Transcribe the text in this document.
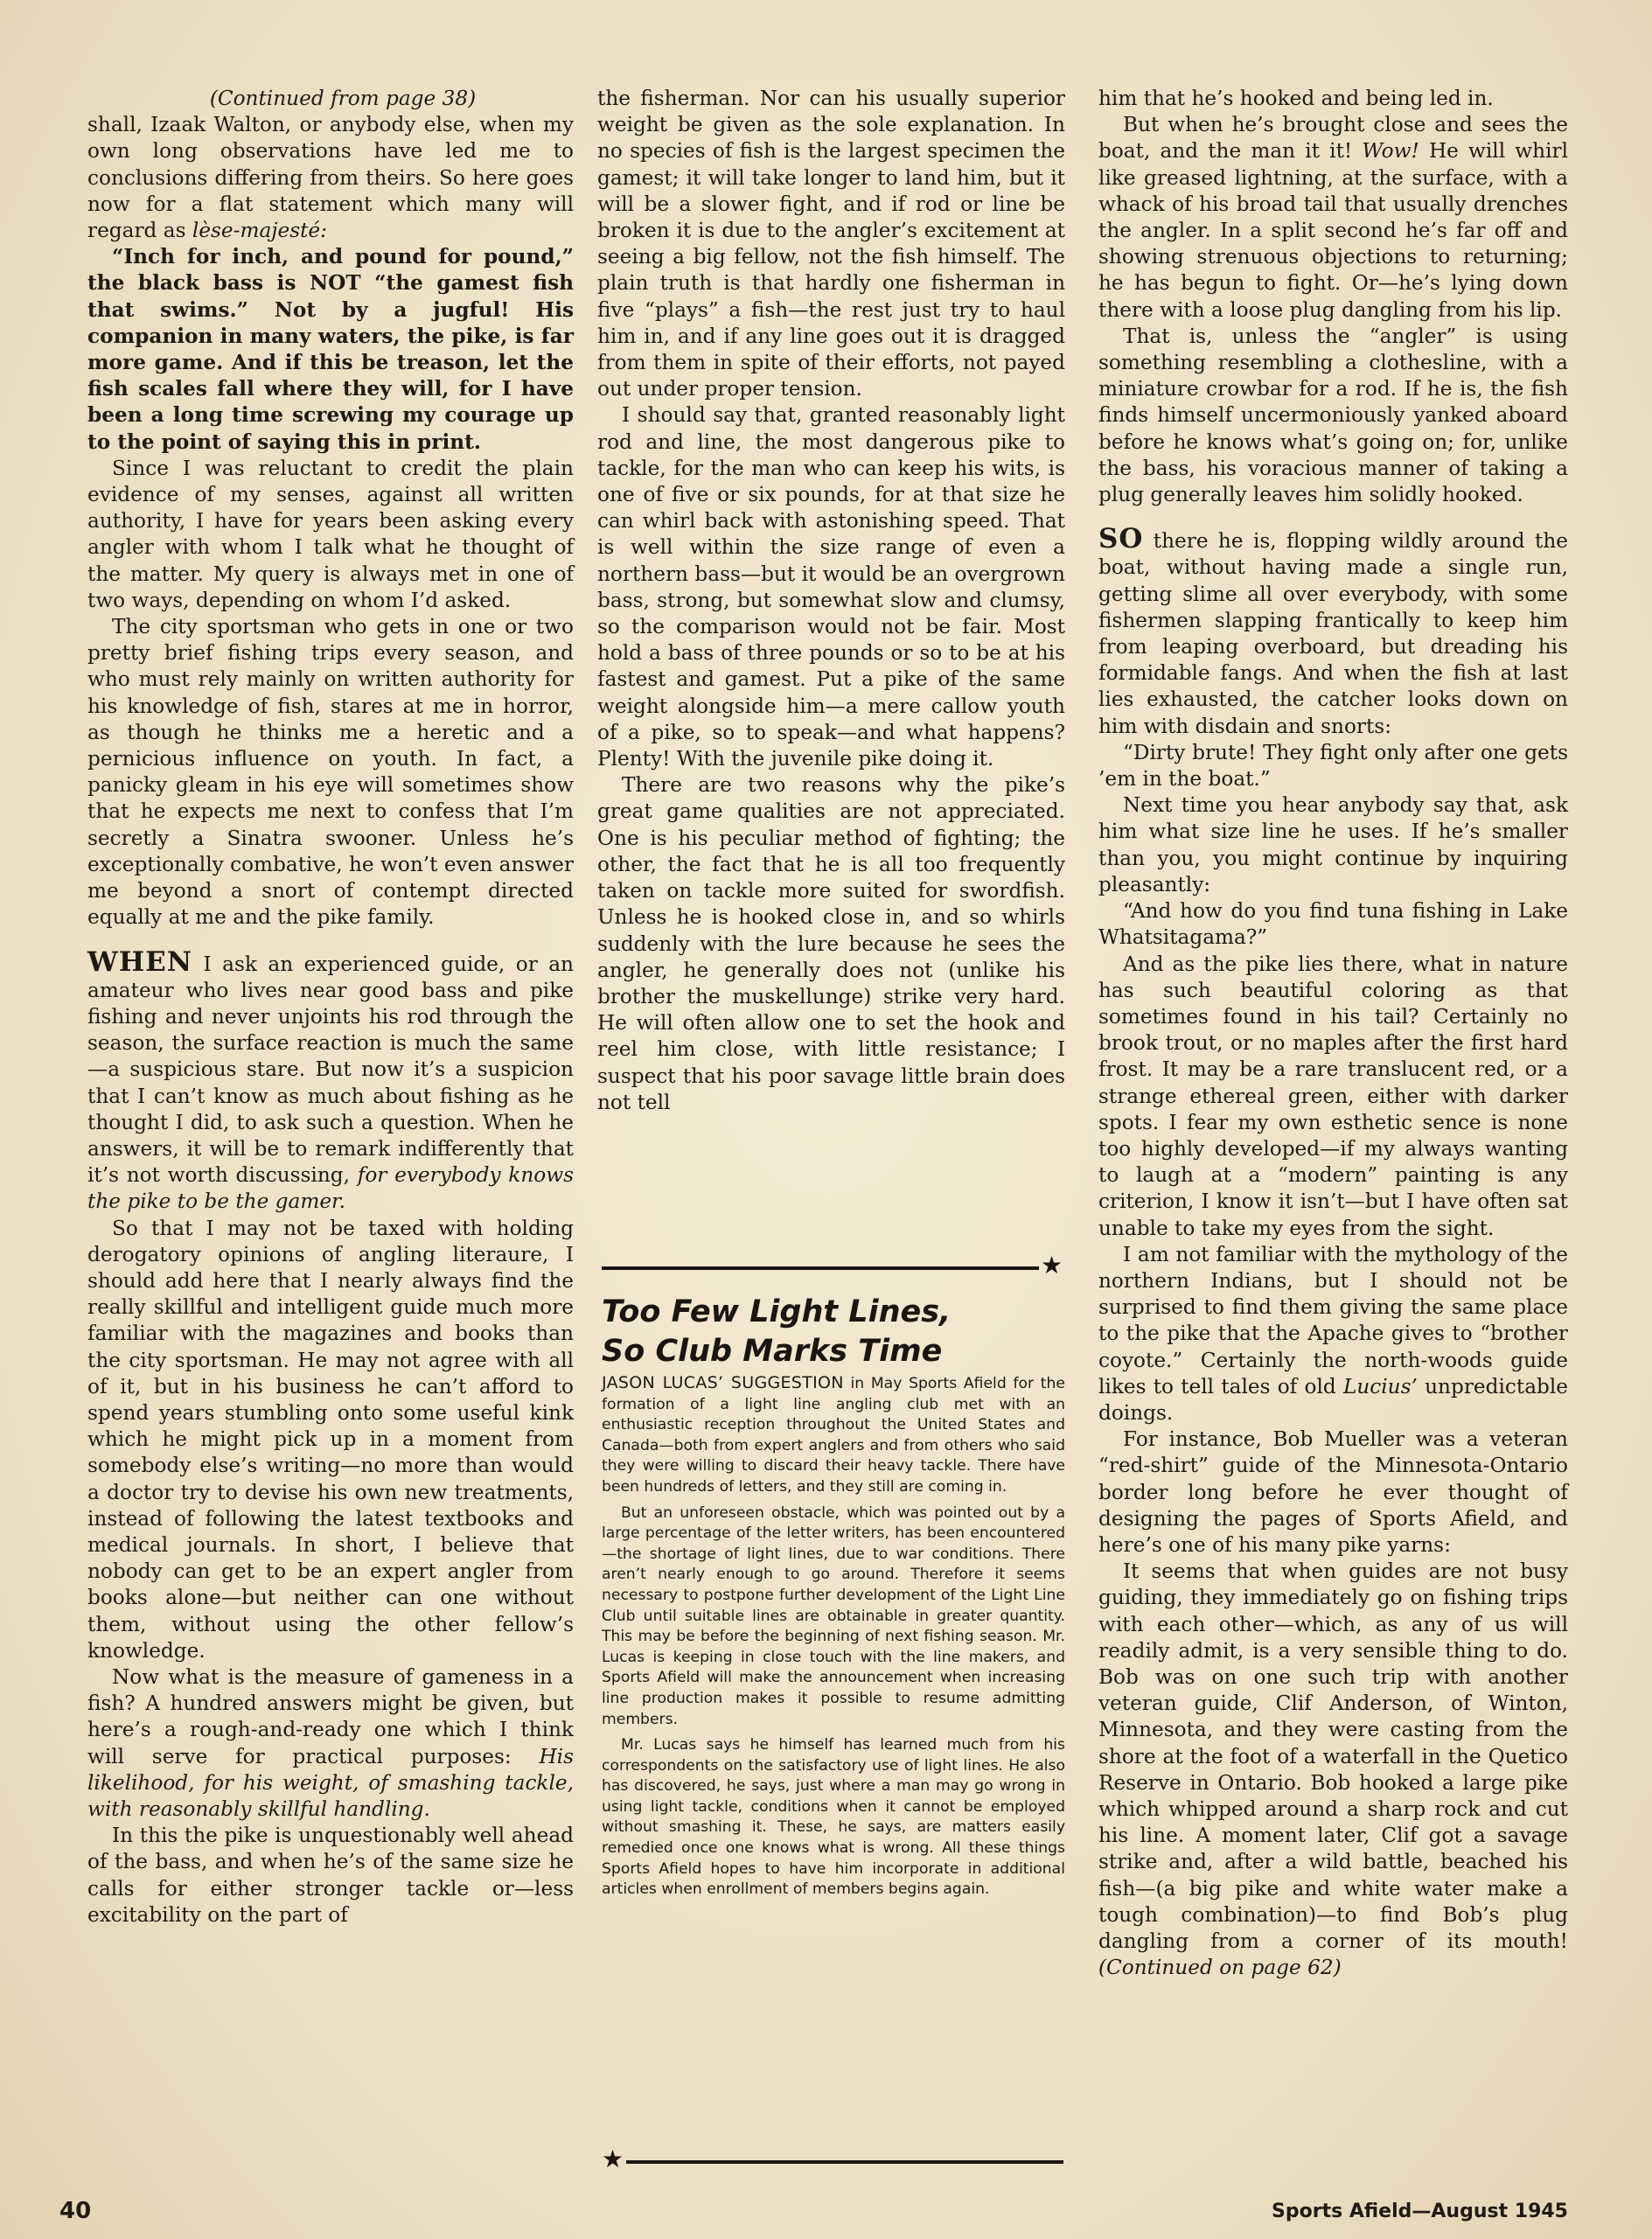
(Continued from page 38)

shall, Izaak Walton, or anybody else, when my own long observations have led me to conclusions differing from theirs. So here goes now for a flat statement which many will regard as lèse-majesté:

“Inch for inch, and pound for pound,” the black bass is NOT “the gamest fish that swims.” Not by a jugful! His companion in many waters, the pike, is far more game. And if this be treason, let the fish scales fall where they will, for I have been a long time screwing my courage up to the point of saying this in print.

Since I was reluctant to credit the plain evidence of my senses, against all written authority, I have for years been asking every angler with whom I talk what he thought of the matter. My query is always met in one of two ways, depending on whom I’d asked.

The city sportsman who gets in one or two pretty brief fishing trips every season, and who must rely mainly on written authority for his knowledge of fish, stares at me in horror, as though he thinks me a heretic and a pernicious influence on youth. In fact, a panicky gleam in his eye will sometimes show that he expects me next to confess that I’m secretly a Sinatra swooner. Unless he’s exceptionally combative, he won’t even answer me beyond a snort of contempt directed equally at me and the pike family.

WHEN I ask an experienced guide, or an amateur who lives near good bass and pike fishing and never unjoints his rod through the season, the surface reaction is much the same—a suspicious stare. But now it’s a suspicion that I can’t know as much about fishing as he thought I did, to ask such a question. When he answers, it will be to remark indifferently that it’s not worth discussing, for everybody knows the pike to be the gamer.

So that I may not be taxed with holding derogatory opinions of angling literaure, I should add here that I nearly always find the really skillful and intelligent guide much more familiar with the magazines and books than the city sportsman. He may not agree with all of it, but in his business he can’t afford to spend years stumbling onto some useful kink which he might pick up in a moment from somebody else’s writing—no more than would a doctor try to devise his own new treatments, instead of following the latest textbooks and medical journals. In short, I believe that nobody can get to be an expert angler from books alone—but neither can one without them, without using the other fellow’s knowledge.

Now what is the measure of gameness in a fish? A hundred answers might be given, but here’s a rough-and-ready one which I think will serve for practical purposes: His likelihood, for his weight, of smashing tackle, with reasonably skillful handling.

In this the pike is unquestionably well ahead of the bass, and when he’s of the same size he calls for either stronger tackle or—less excitability on the part of

the fisherman. Nor can his usually superior weight be given as the sole explanation. In no species of fish is the largest specimen the gamest; it will take longer to land him, but it will be a slower fight, and if rod or line be broken it is due to the angler’s excitement at seeing a big fellow, not the fish himself. The plain truth is that hardly one fisherman in five “plays” a fish—the rest just try to haul him in, and if any line goes out it is dragged from them in spite of their efforts, not payed out under proper tension.

I should say that, granted reasonably light rod and line, the most dangerous pike to tackle, for the man who can keep his wits, is one of five or six pounds, for at that size he can whirl back with astonishing speed. That is well within the size range of even a northern bass—but it would be an overgrown bass, strong, but somewhat slow and clumsy, so the comparison would not be fair. Most hold a bass of three pounds or so to be at his fastest and gamest. Put a pike of the same weight alongside him—a mere callow youth of a pike, so to speak—and what happens? Plenty! With the juvenile pike doing it.

There are two reasons why the pike’s great game qualities are not appreciated. One is his peculiar method of fighting; the other, the fact that he is all too frequently taken on tackle more suited for swordfish. Unless he is hooked close in, and so whirls suddenly with the lure because he sees the angler, he generally does not (unlike his brother the muskellunge) strike very hard. He will often allow one to set the hook and reel him close, with little resistance; I suspect that his poor savage little brain does not tell

★
Too Few Light Lines,
So Club Marks Time

JASON LUCAS’ SUGGESTION in May Sports Afield for the formation of a light line angling club met with an enthusiastic reception throughout the United States and Canada—both from expert anglers and from others who said they were willing to discard their heavy tackle. There have been hundreds of letters, and they still are coming in.

But an unforeseen obstacle, which was pointed out by a large percentage of the letter writers, has been encountered—the shortage of light lines, due to war conditions. There aren’t nearly enough to go around. Therefore it seems necessary to postpone further development of the Light Line Club until suitable lines are obtainable in greater quantity. This may be before the beginning of next fishing season. Mr. Lucas is keeping in close touch with the line makers, and Sports Afield will make the announcement when increasing line production makes it possible to resume admitting members.

Mr. Lucas says he himself has learned much from his correspondents on the satisfactory use of light lines. He also has discovered, he says, just where a man may go wrong in using light tackle, conditions when it cannot be employed without smashing it. These, he says, are matters easily remedied once one knows what is wrong. All these things Sports Afield hopes to have him incorporate in additional articles when enrollment of members begins again.

★

him that he’s hooked and being led in.

But when he’s brought close and sees the boat, and the man it it! Wow! He will whirl like greased lightning, at the surface, with a whack of his broad tail that usually drenches the angler. In a split second he’s far off and showing strenuous objections to returning; he has begun to fight. Or—he’s lying down there with a loose plug dangling from his lip.

That is, unless the “angler” is using something resembling a clothesline, with a miniature crowbar for a rod. If he is, the fish finds himself uncermoniously yanked aboard before he knows what’s going on; for, unlike the bass, his voracious manner of taking a plug generally leaves him solidly hooked.

SO there he is, flopping wildly around the boat, without having made a single run, getting slime all over everybody, with some fishermen slapping frantically to keep him from leaping overboard, but dreading his formidable fangs. And when the fish at last lies exhausted, the catcher looks down on him with disdain and snorts:

“Dirty brute! They fight only after one gets ’em in the boat.”

Next time you hear anybody say that, ask him what size line he uses. If he’s smaller than you, you might continue by inquiring pleasantly:

“And how do you find tuna fishing in Lake Whatsitagama?”

And as the pike lies there, what in nature has such beautiful coloring as that sometimes found in his tail? Certainly no brook trout, or no maples after the first hard frost. It may be a rare translucent red, or a strange ethereal green, either with darker spots. I fear my own esthetic sence is none too highly developed—if my always wanting to laugh at a “modern” painting is any criterion, I know it isn’t—but I have often sat unable to take my eyes from the sight.

I am not familiar with the mythology of the northern Indians, but I should not be surprised to find them giving the same place to the pike that the Apache gives to “brother coyote.” Certainly the north-woods guide likes to tell tales of old Lucius’ unpredictable doings.

For instance, Bob Mueller was a veteran “red-shirt” guide of the Minnesota-Ontario border long before he ever thought of designing the pages of Sports Afield, and here’s one of his many pike yarns:

It seems that when guides are not busy guiding, they immediately go on fishing trips with each other—which, as any of us will readily admit, is a very sensible thing to do. Bob was on one such trip with another veteran guide, Clif Anderson, of Winton, Minnesota, and they were casting from the shore at the foot of a waterfall in the Quetico Reserve in Ontario. Bob hooked a large pike which whipped around a sharp rock and cut his line. A moment later, Clif got a savage strike and, after a wild battle, beached his fish—(a big pike and white water make a tough combination)—to find Bob’s plug dangling from a corner of its mouth! (Continued on page 62)

40	Sports Afield—August 1945
